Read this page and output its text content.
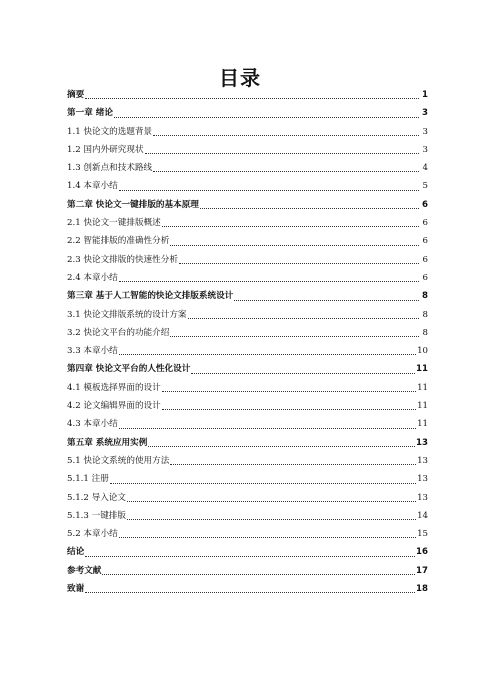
目录
摘要	1
第一章 绪论	3
1.1 快论文的选题背景	3
1.2 国内外研究现状	3
1.3 创新点和技术路线	4
1.4 本章小结	5
第二章 快论文一键排版的基本原理	6
2.1 快论文一键排版概述	6
2.2 智能排版的准确性分析	6
2.3 快论文排版的快速性分析	6
2.4 本章小结	6
第三章 基于人工智能的快论文排版系统设计	8
3.1 快论文排版系统的设计方案	8
3.2 快论文平台的功能介绍	8
3.3 本章小结	10
第四章 快论文平台的人性化设计	11
4.1 模板选择界面的设计	11
4.2 论文编辑界面的设计	11
4.3 本章小结	11
第五章 系统应用实例	13
5.1 快论文系统的使用方法	13
5.1.1 注册	13
5.1.2 导入论文	13
5.1.3 一键排版	14
5.2 本章小结	15
结论	16
参考文献	17
致谢	18
